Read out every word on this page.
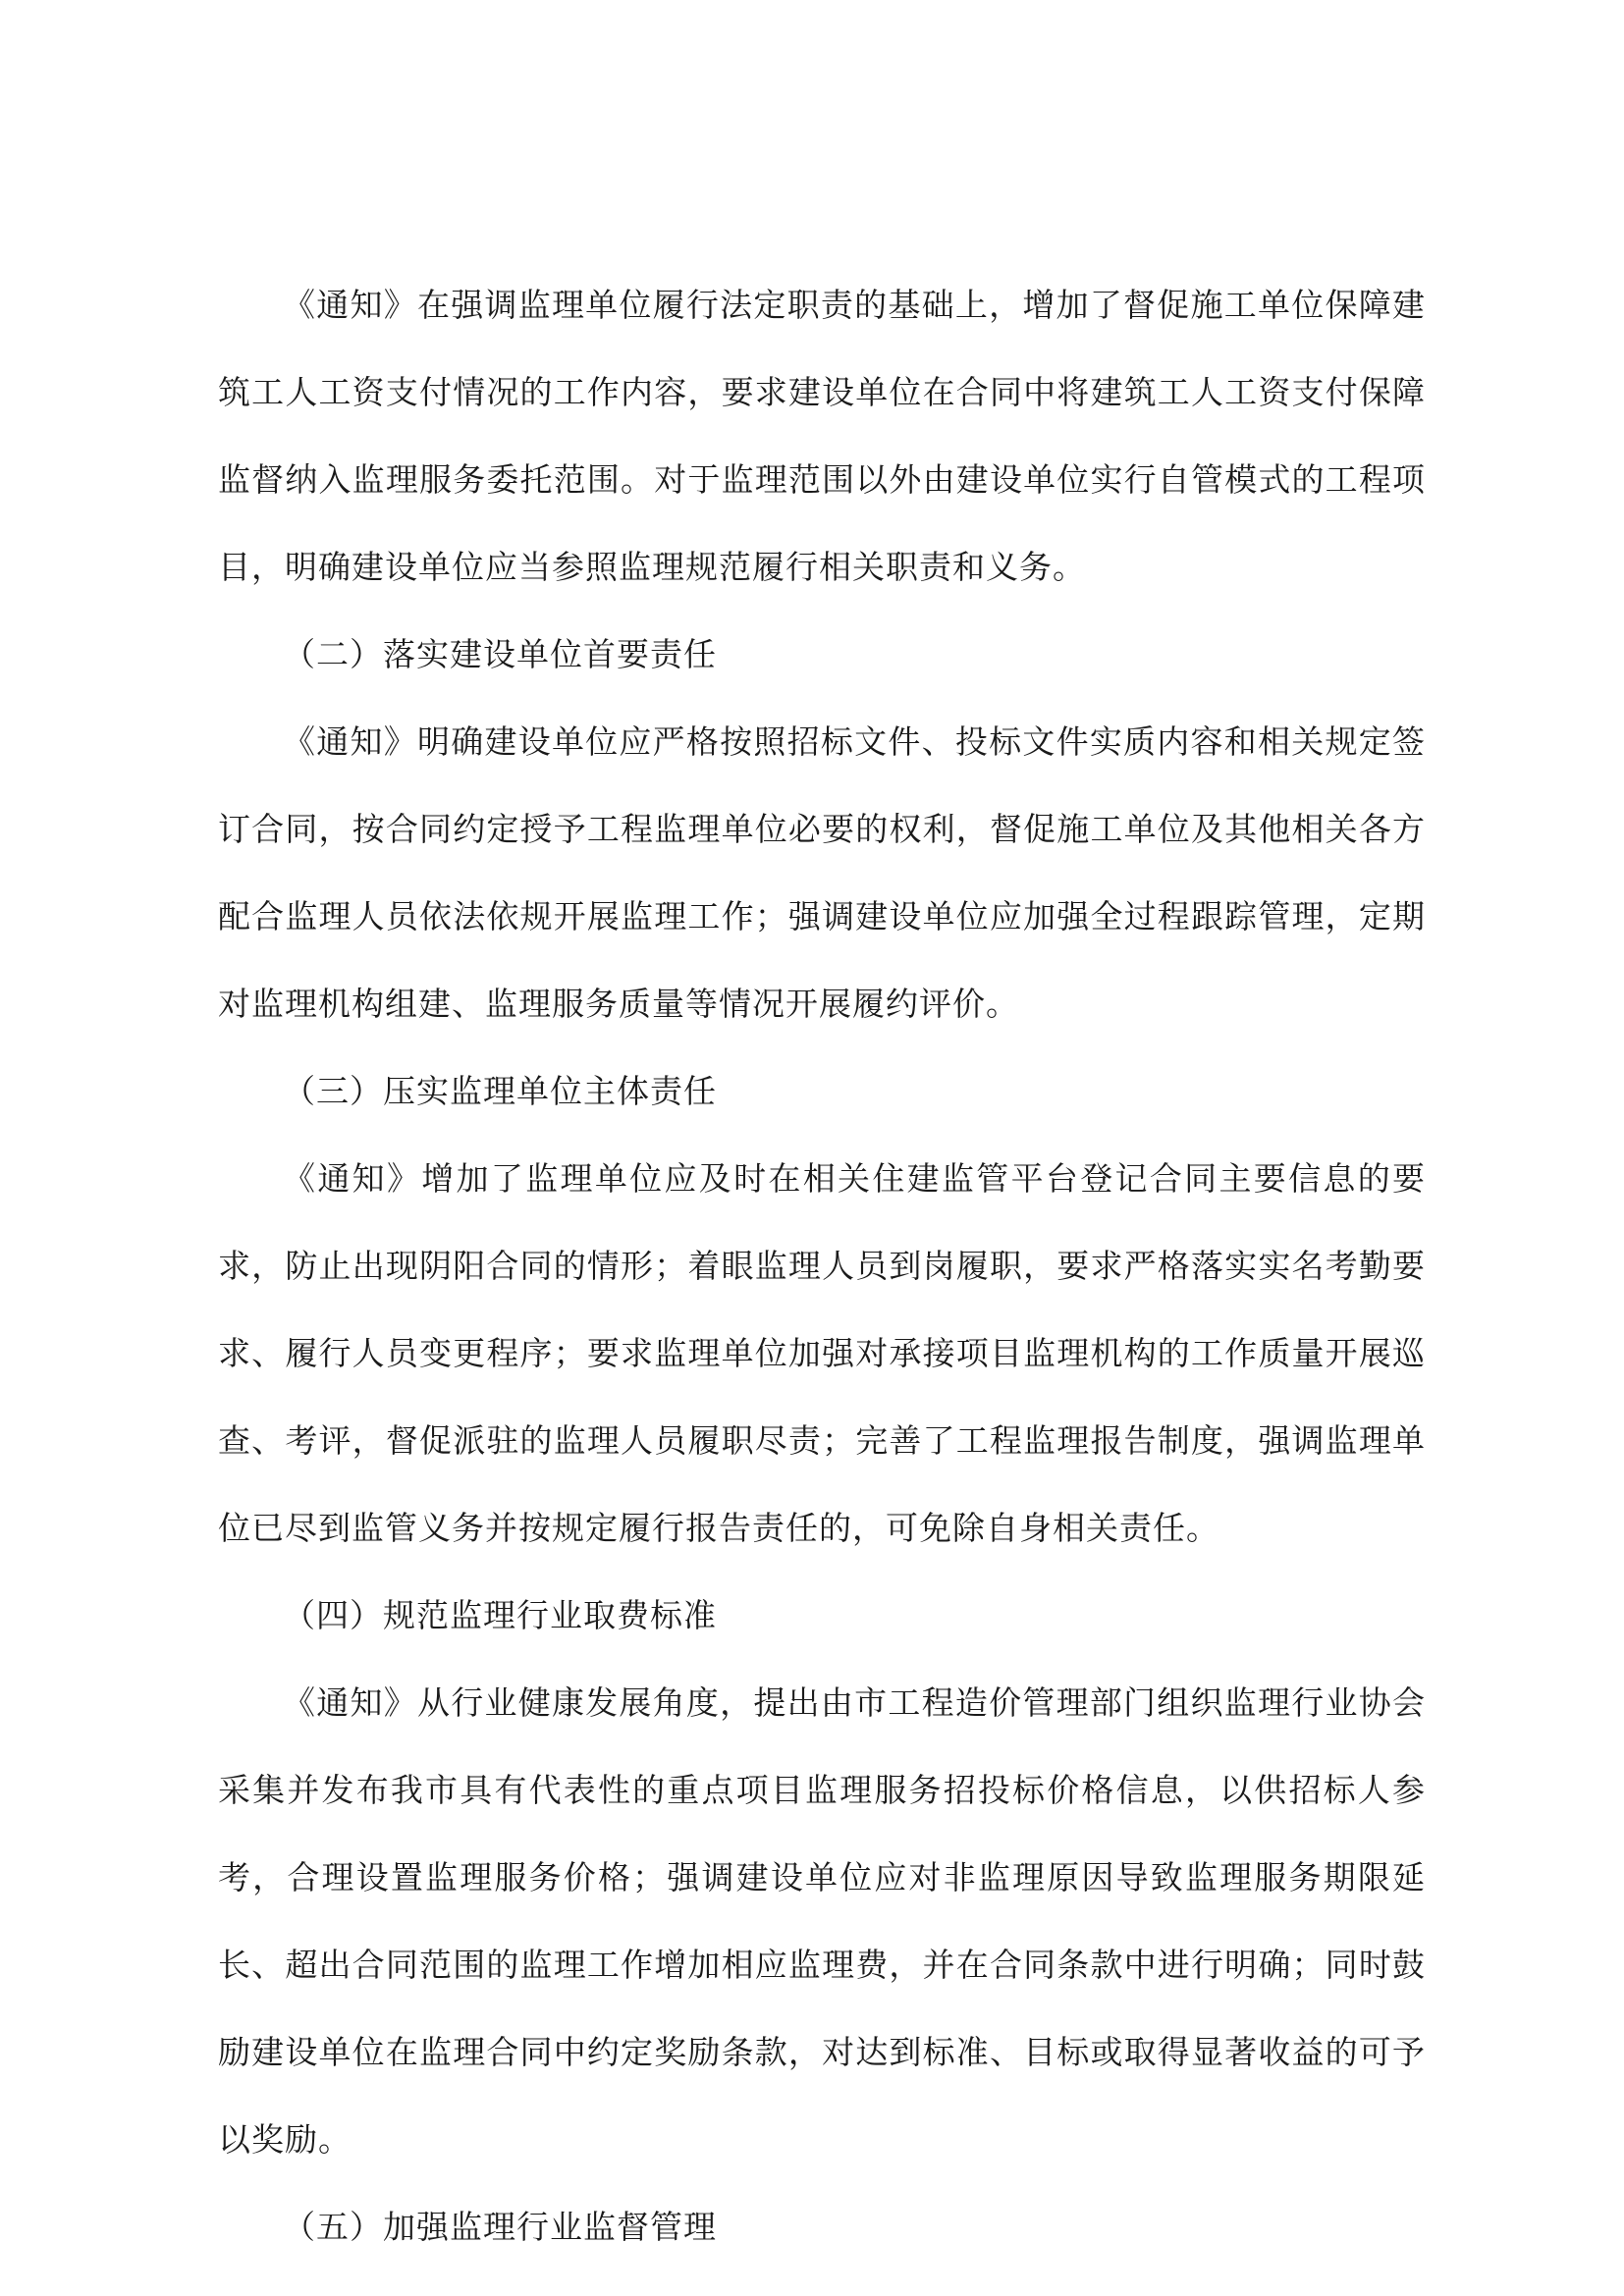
《通知》在强调监理单位履行法定职责的基础上，增加了督促施工单位保障建筑工人工资支付情况的工作内容，要求建设单位在合同中将建筑工人工资支付保障监督纳入监理服务委托范围。对于监理范围以外由建设单位实行自管模式的工程项目，明确建设单位应当参照监理规范履行相关职责和义务。

（二）落实建设单位首要责任

《通知》明确建设单位应严格按照招标文件、投标文件实质内容和相关规定签订合同，按合同约定授予工程监理单位必要的权利，督促施工单位及其他相关各方配合监理人员依法依规开展监理工作；强调建设单位应加强全过程跟踪管理，定期对监理机构组建、监理服务质量等情况开展履约评价。

（三）压实监理单位主体责任

《通知》增加了监理单位应及时在相关住建监管平台登记合同主要信息的要求，防止出现阴阳合同的情形；着眼监理人员到岗履职，要求严格落实实名考勤要求、履行人员变更程序；要求监理单位加强对承接项目监理机构的工作质量开展巡查、考评，督促派驻的监理人员履职尽责；完善了工程监理报告制度，强调监理单位已尽到监管义务并按规定履行报告责任的，可免除自身相关责任。

（四）规范监理行业取费标准

《通知》从行业健康发展角度，提出由市工程造价管理部门组织监理行业协会采集并发布我市具有代表性的重点项目监理服务招投标价格信息，以供招标人参考，合理设置监理服务价格；强调建设单位应对非监理原因导致监理服务期限延长、超出合同范围的监理工作增加相应监理费，并在合同条款中进行明确；同时鼓励建设单位在监理合同中约定奖励条款，对达到标准、目标或取得显著收益的可予以奖励。

（五）加强监理行业监督管理
